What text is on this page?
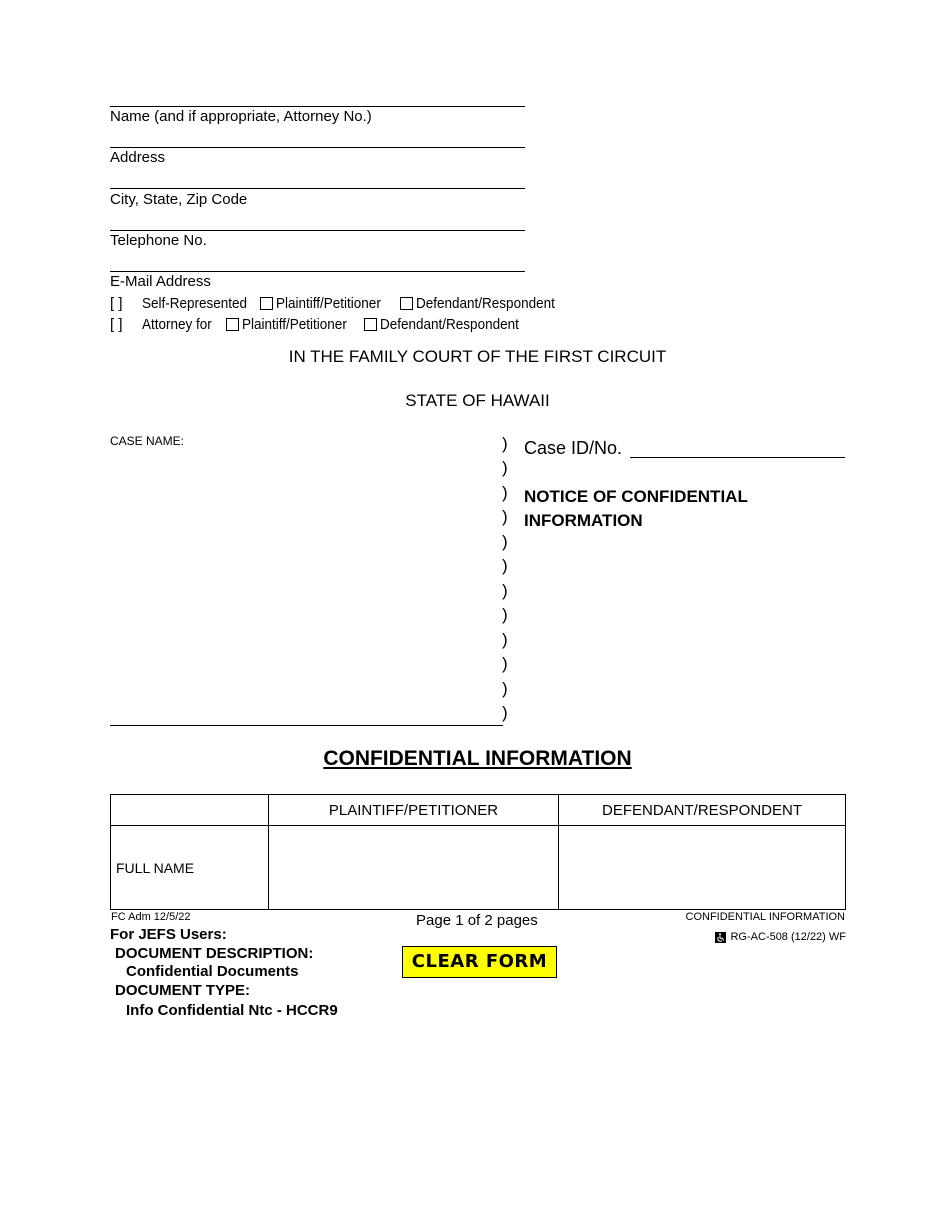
Name (and if appropriate, Attorney No.)
Address
City, State, Zip Code
Telephone No.
E-Mail Address
[ ]	Self-Represented Plaintiff/Petitioner	Defendant/Respondent
[ ]	Attorney for	Plaintiff/Petitioner	Defendant/Respondent
IN THE FAMILY COURT OF THE FIRST CIRCUIT
STATE OF HAWAII
CASE NAME:	)
)
)
)
)
)
)
)
)
)
)
)
Case ID/No.
NOTICE OF CONFIDENTIAL
INFORMATION
CONFIDENTIAL INFORMATION
	PLAINTIFF/PETITIONER	DEFENDANT/RESPONDENT
FULL NAME		
FC Adm 12/5/22	Page 1 of 2 pages	CONFIDENTIAL INFORMATION
RG-AC-508 (12/22) WF
For JEFS Users:
DOCUMENT DESCRIPTION:
Confidential Documents
DOCUMENT TYPE:
Info Confidential Ntc - HCCR9
CLEAR FORM
